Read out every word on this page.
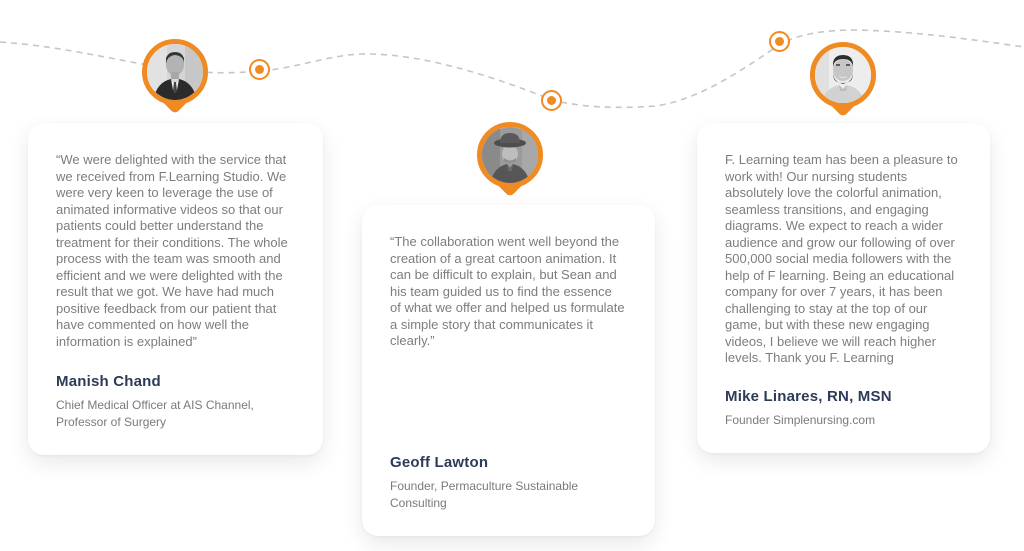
“We were delighted with the service that we received from F.Learning Studio. We were very keen to leverage the use of animated informative videos so that our patients could better understand the treatment for their conditions. The whole process with the team was smooth and efficient and we were delighted with the result that we got. We have had much positive feedback from our patient that have commented on how well the information is explained”

Manish Chand

Chief Medical Officer at AIS Channel, Professor of Surgery

“The collaboration went well beyond the creation of a great cartoon animation. It can be difficult to explain, but Sean and his team guided us to find the essence of what we offer and helped us formulate a simple story that communicates it clearly.”

Geoff Lawton

Founder, Permaculture Sustainable Consulting

F. Learning team has been a pleasure to work with! Our nursing students absolutely love the colorful animation, seamless transitions, and engaging diagrams. We expect to reach a wider audience and grow our following of over 500,000 social media followers with the help of F learning. Being an educational company for over 7 years, it has been challenging to stay at the top of our game, but with these new engaging videos, I believe we will reach higher levels. Thank you F. Learning

Mike Linares, RN, MSN

Founder Simplenursing.com
